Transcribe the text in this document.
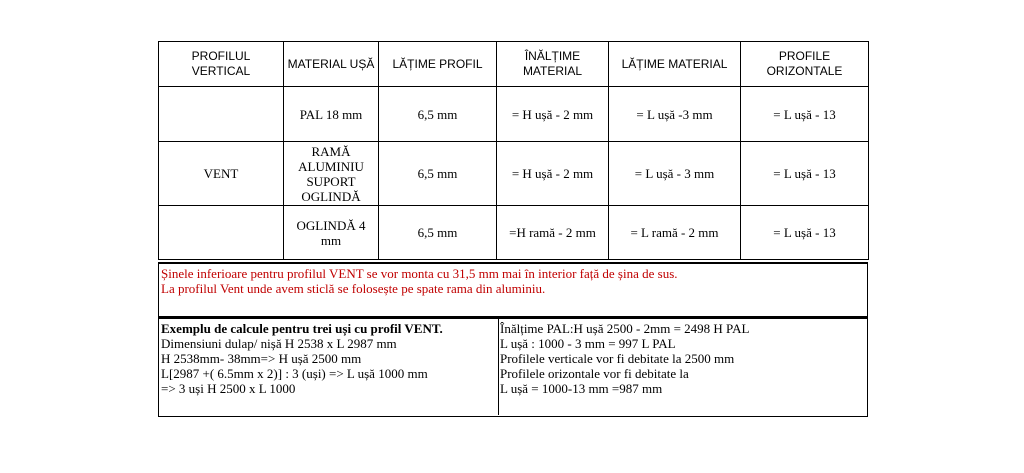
PROFILUL VERTICAL	MATERIAL UȘĂ	LĂȚIME PROFIL	ÎNĂLȚIME MATERIAL	LĂȚIME MATERIAL	PROFILE ORIZONTALE
	PAL 18 mm	6,5 mm	= H ușă - 2 mm	= L ușă -3 mm	= L ușă - 13
VENT	RAMĂ ALUMINIU SUPORT OGLINDĂ	6,5 mm	= H ușă - 2 mm	= L ușă - 3 mm	= L ușă - 13
	OGLINDĂ 4 mm	6,5 mm	=H ramă - 2 mm	= L ramă - 2 mm	= L ușă - 13
Șinele inferioare pentru profilul VENT se vor monta cu 31,5 mm mai în interior față de șina de sus.
La profilul Vent unde avem sticlă se folosește pe spate rama din aluminiu.
Exemplu de calcule pentru trei uși cu profil VENT.
Dimensiuni dulap/ nișă H 2538 x L 2987 mm
H 2538mm- 38mm=> H ușă 2500 mm
L[2987 +( 6.5mm x 2)] : 3 (uși) => L ușă 1000 mm
=> 3 uși H 2500 x L 1000
Înălțime PAL:H ușă 2500 - 2mm = 2498 H PAL
L ușă : 1000 - 3 mm = 997 L PAL
Profilele verticale vor fi debitate la 2500 mm
Profilele orizontale vor fi debitate la
L ușă = 1000-13 mm =987 mm
